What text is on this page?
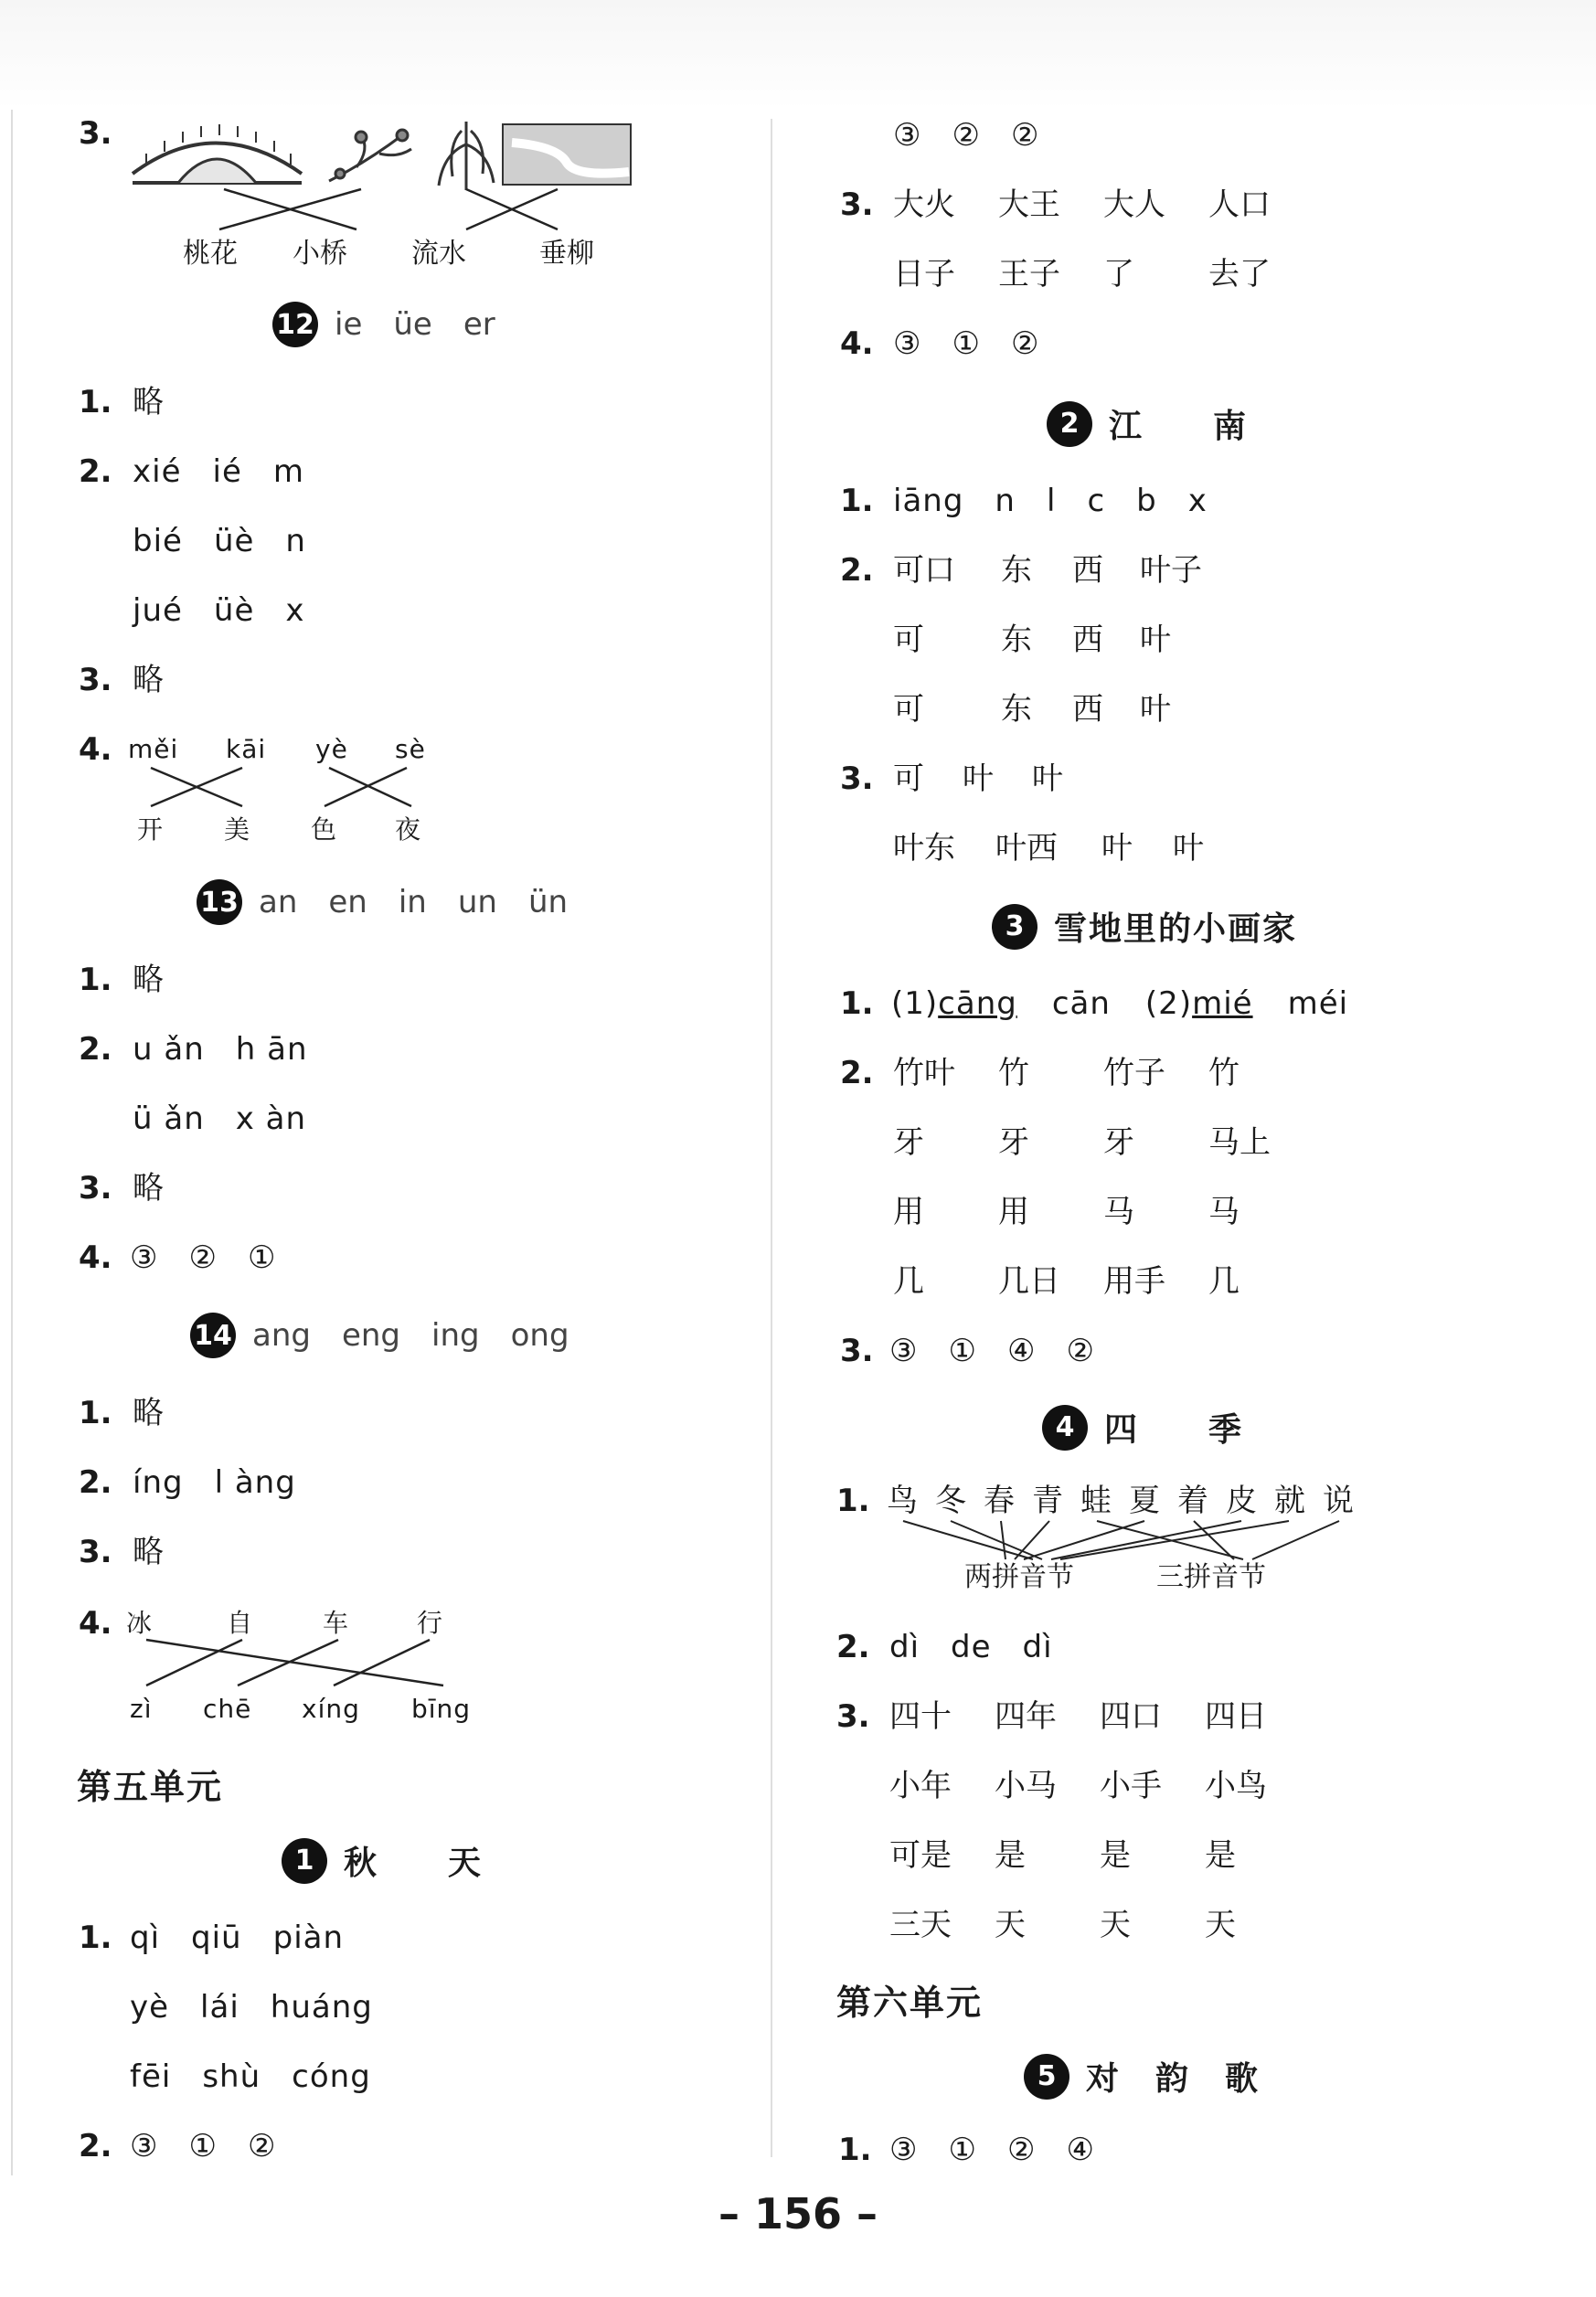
3.
桃花 小桥 流水	垂柳
12 ie üe er
1. 略
2. xié ié m
bié üè n
jué üè x
3. 略
4. měi kāi yè sè
开 美 色 夜
13 an en in un ün
1. 略
2. u ǎn h ān
ü ǎn x àn
3. 略
4. ③ ② ①
14 ang eng ing ong
1. 略
2. íng l àng
3. 略
4. 冰	自	车	行
zì chē xíng bīng
第五单元
1 秋　　天
1. qì qiū piàn
yè lái huáng
fēi shù cóng
2. ③ ① ②
③ ② ②
3. 大火 大王 大人 人口
日子 王子 了 去了
4. ③ ① ②
2 江　　南
1. iāng n l c b x
2. 可口 东 西 叶子
可 东 西 叶
可 东 西 叶
3. 可 叶 叶
叶东 叶西 叶 叶
3 雪地里的小画家
1. (1)cāng cān (2)mié méi
2. 竹叶 竹 竹子 竹
牙 牙 牙 马上
用 用 马 马
几 几日 用手 几
3. ③ ① ④ ②
4 四　　季
1. 鸟 冬 春 青 蛙 夏 着 皮 就 说
两拼音节	三拼音节
2. dì de dì
3. 四十 四年 四口 四日
小年 小马 小手 小鸟
可是 是 是 是
三天 天 天 天
第六单元
5 对　韵　歌
1. ③ ① ② ④
– 156 –
